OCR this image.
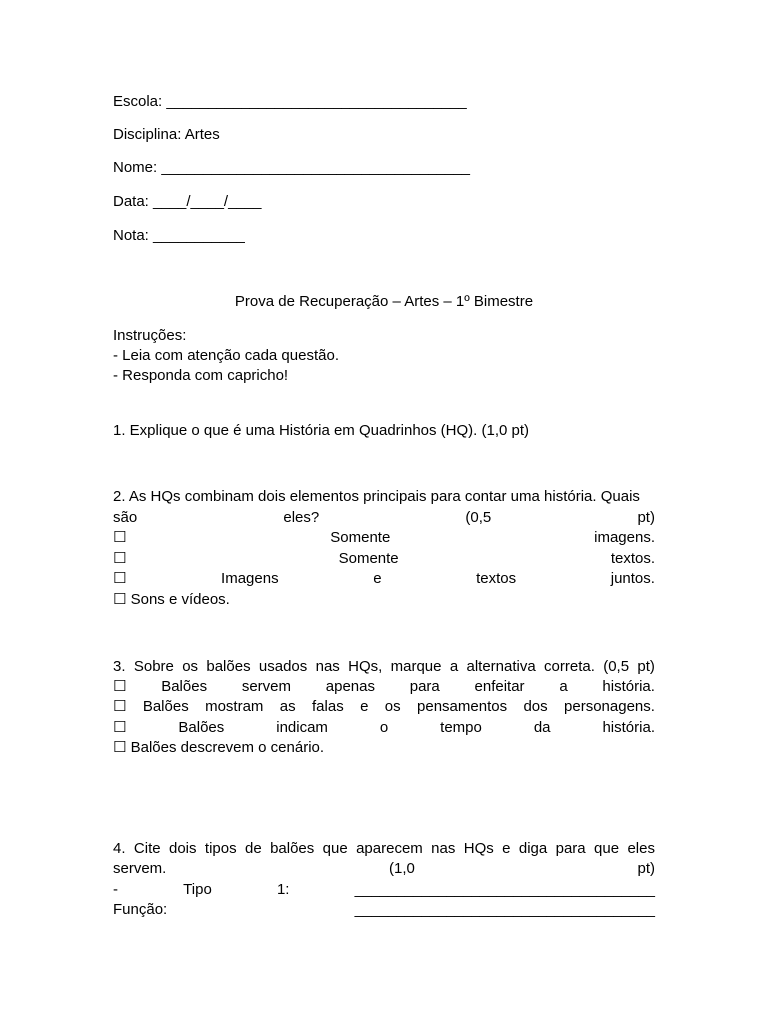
Escola: ____________________________________
Disciplina: Artes
Nome: _____________________________________
Data: ____/____/____
Nota: ___________
Prova de Recuperação – Artes – 1º Bimestre
Instruções:
- Leia com atenção cada questão.
- Responda com capricho!
1. Explique o que é uma História em Quadrinhos (HQ). (1,0 pt)
2. As HQs combinam dois elementos principais para contar uma história. Quais
são	eles?	(0,5	pt)
☐	Somente	imagens.
☐	Somente	textos.
☐	Imagens	e	textos	juntos.
☐ Sons e vídeos.
3. Sobre os balões usados nas HQs, marque a alternativa correta. (0,5 pt)
☐ Balões servem apenas para enfeitar a história.
☐ Balões mostram as falas e os pensamentos dos personagens.
☐	Balões	indicam	o	tempo	da	história.
☐ Balões descrevem o cenário.
4. Cite dois tipos de balões que aparecem nas HQs e diga para que eles
servem.	(1,0	pt)
-	Tipo	1:	____________________________________
Função:	____________________________________
